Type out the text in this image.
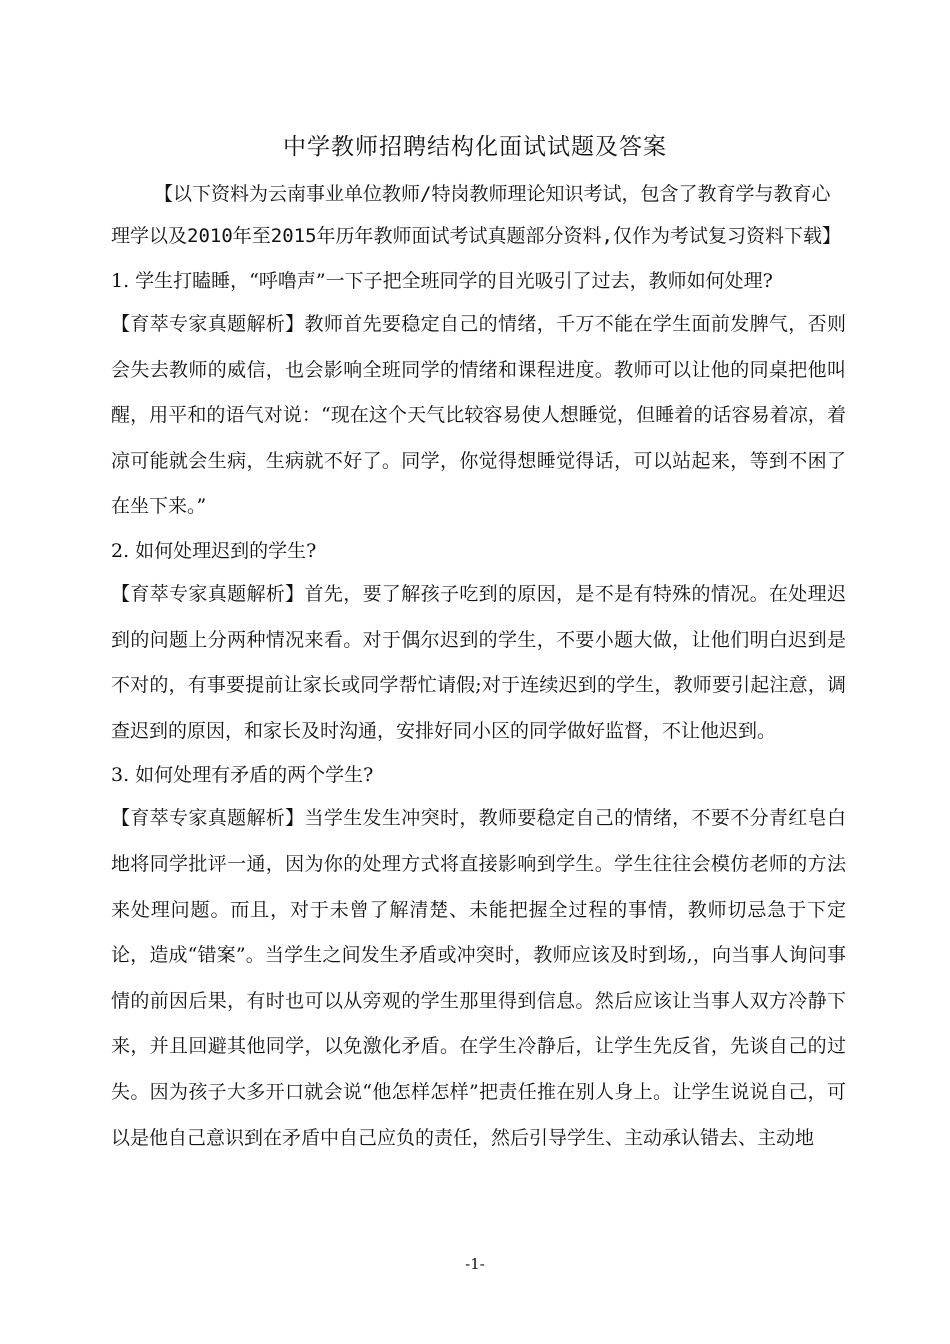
中学教师招聘结构化面试试题及答案

【以下资料为云南事业单位教师/特岗教师理论知识考试，包含了教育学与教育心理学以及2010年至2015年历年教师面试考试真题部分资料,仅作为考试复习资料下载】

1. 学生打瞌睡，“呼噜声”一下子把全班同学的目光吸引了过去，教师如何处理?

【育萃专家真题解析】教师首先要稳定自己的情绪，千万不能在学生面前发脾气，否则会失去教师的威信，也会影响全班同学的情绪和课程进度。教师可以让他的同桌把他叫醒，用平和的语气对说：“现在这个天气比较容易使人想睡觉，但睡着的话容易着凉，着凉可能就会生病，生病就不好了。同学，你觉得想睡觉得话，可以站起来，等到不困了在坐下来。”

2. 如何处理迟到的学生?

【育萃专家真题解析】首先，要了解孩子吃到的原因，是不是有特殊的情况。在处理迟到的问题上分两种情况来看。对于偶尔迟到的学生，不要小题大做，让他们明白迟到是不对的，有事要提前让家长或同学帮忙请假;对于连续迟到的学生，教师要引起注意，调查迟到的原因，和家长及时沟通，安排好同小区的同学做好监督，不让他迟到。

3. 如何处理有矛盾的两个学生?

【育萃专家真题解析】当学生发生冲突时，教师要稳定自己的情绪，不要不分青红皂白地将同学批评一通，因为你的处理方式将直接影响到学生。学生往往会模仿老师的方法来处理问题。而且，对于未曾了解清楚、未能把握全过程的事情，教师切忌急于下定论，造成“错案”。当学生之间发生矛盾或冲突时，教师应该及时到场,，向当事人询问事情的前因后果，有时也可以从旁观的学生那里得到信息。然后应该让当事人双方冷静下来，并且回避其他同学，以免激化矛盾。在学生冷静后，让学生先反省，先谈自己的过失。因为孩子大多开口就会说“他怎样怎样”把责任推在别人身上。让学生说说自己，可以是他自己意识到在矛盾中自己应负的责任，然后引导学生、主动承认错去、主动地

-1-
